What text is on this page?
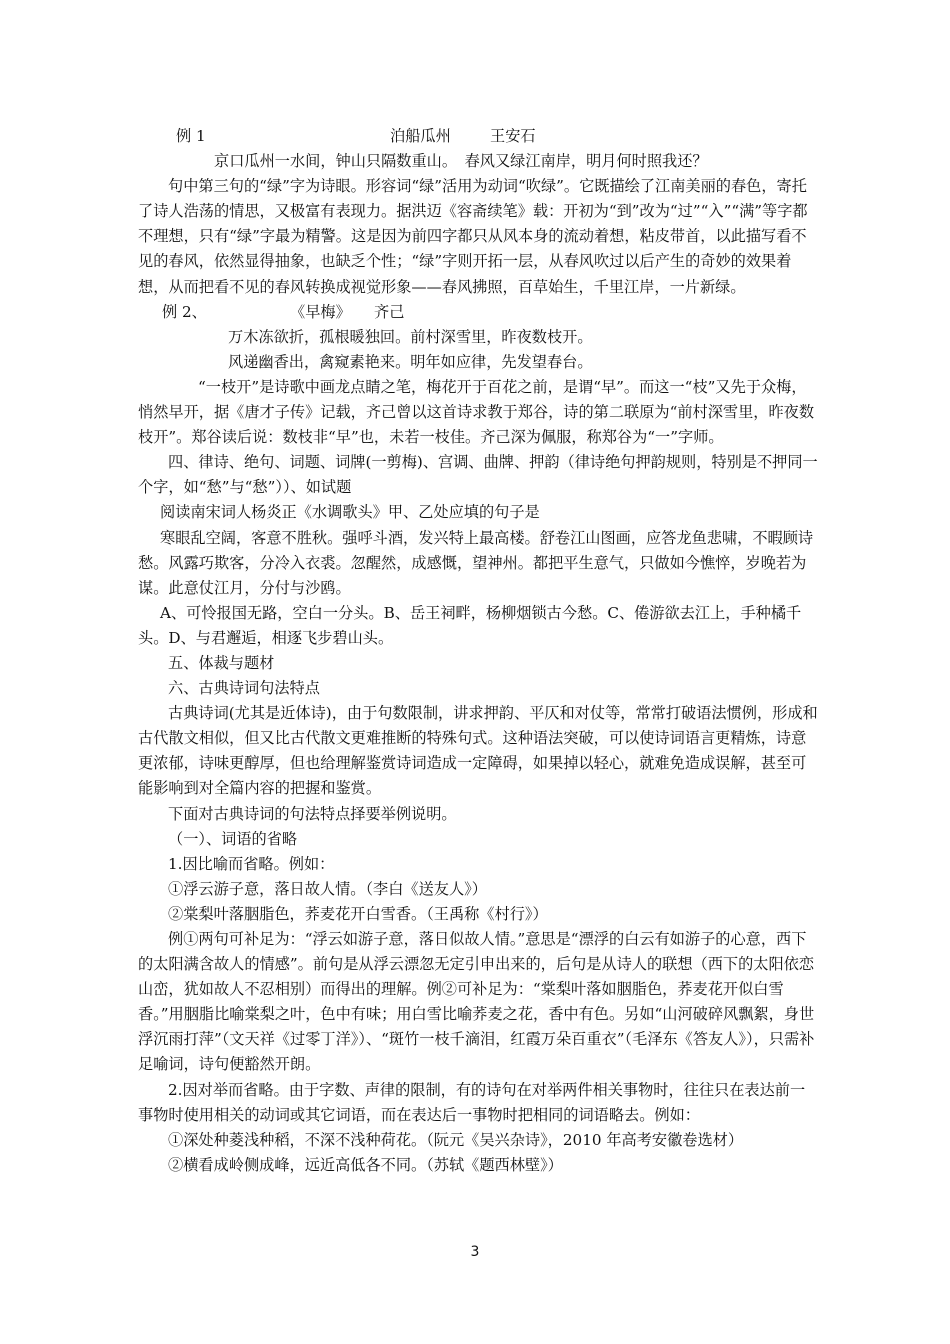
例 1	泊船瓜州	王安石

京口瓜州一水间，钟山只隔数重山。　春风又绿江南岸，明月何时照我还？

句中第三句的“绿”字为诗眼。形容词“绿”活用为动词“吹绿”。它既描绘了江南美丽的春色，寄托了诗人浩荡的情思，又极富有表现力。据洪迈《容斋续笔》载：开初为“到”改为“过”“入”“满”等字都不理想，只有“绿”字最为精警。这是因为前四字都只从风本身的流动着想，粘皮带首，以此描写看不见的春风，依然显得抽象，也缺乏个性；“绿”字则开拓一层，从春风吹过以后产生的奇妙的效果着想，从而把看不见的春风转换成视觉形象——春风拂照，百草始生，千里江岸，一片新绿。

例 2、	《早梅》 齐己

万木冻欲折，孤根暖独回。前村深雪里，昨夜数枝开。

风递幽香出，禽窥素艳来。明年如应律，先发望春台。

“一枝开”是诗歌中画龙点睛之笔，梅花开于百花之前，是谓“早”。而这一“枝”又先于众梅，悄然早开，据《唐才子传》记载，齐己曾以这首诗求教于郑谷，诗的第二联原为“前村深雪里，昨夜数枝开”。郑谷读后说：数枝非“早”也，未若一枝佳。齐己深为佩服，称郑谷为“一”字师。

四、律诗、绝句、词题、词牌(一剪梅)、宫调、曲牌、押韵（律诗绝句押韵规则，特别是不押同一个字，如“愁”与“愁”））、如试题

阅读南宋词人杨炎正《水调歌头》甲、乙处应填的句子是

寒眼乱空阔，客意不胜秋。强呼斗酒，发兴特上最高楼。舒卷江山图画，应答龙鱼悲啸，不暇顾诗愁。风露巧欺客，分冷入衣裘。忽醒然，成感慨，望神州。都把平生意气，只做如今憔悴，岁晚若为谋。此意仗江月，分付与沙鸥。

A、可怜报国无路，空白一分头。B、岳王祠畔，杨柳烟锁古今愁。C、倦游欲去江上，手种橘千头。D、与君邂逅，相逐飞步碧山头。

五、体裁与题材

六、古典诗词句法特点

古典诗词(尤其是近体诗)，由于句数限制，讲求押韵、平仄和对仗等，常常打破语法惯例，形成和古代散文相似，但又比古代散文更难推断的特殊句式。这种语法突破，可以使诗词语言更精炼，诗意更浓郁，诗味更醇厚，但也给理解鉴赏诗词造成一定障碍，如果掉以轻心，就难免造成误解，甚至可能影响到对全篇内容的把握和鉴赏。

下面对古典诗词的句法特点择要举例说明。

（一）、词语的省略

1.因比喻而省略。例如：

①浮云游子意，落日故人情。（李白《送友人》）

②棠梨叶落胭脂色，荞麦花开白雪香。（王禹称《村行》）

例①两句可补足为：“浮云如游子意，落日似故人情。”意思是“漂浮的白云有如游子的心意，西下的太阳满含故人的情感”。前句是从浮云漂忽无定引申出来的，后句是从诗人的联想（西下的太阳依恋山峦，犹如故人不忍相别）而得出的理解。例②可补足为：“棠梨叶落如胭脂色，荞麦花开似白雪香。”用胭脂比喻棠梨之叶，色中有味；用白雪比喻荞麦之花，香中有色。另如“山河破碎风飘絮，身世浮沉雨打萍”（文天祥《过零丁洋》）、“斑竹一枝千滴泪，红霞万朵百重衣”（毛泽东《答友人》），只需补足喻词，诗句便豁然开朗。

2.因对举而省略。由于字数、声律的限制，有的诗句在对举两件相关事物时，往往只在表达前一事物时使用相关的动词或其它词语，而在表达后一事物时把相同的词语略去。例如：

①深处种菱浅种稻，不深不浅种荷花。（阮元《吴兴杂诗》，2010 年高考安徽卷选材）

②横看成岭侧成峰，远近高低各不同。（苏轼《题西林壁》）

3
